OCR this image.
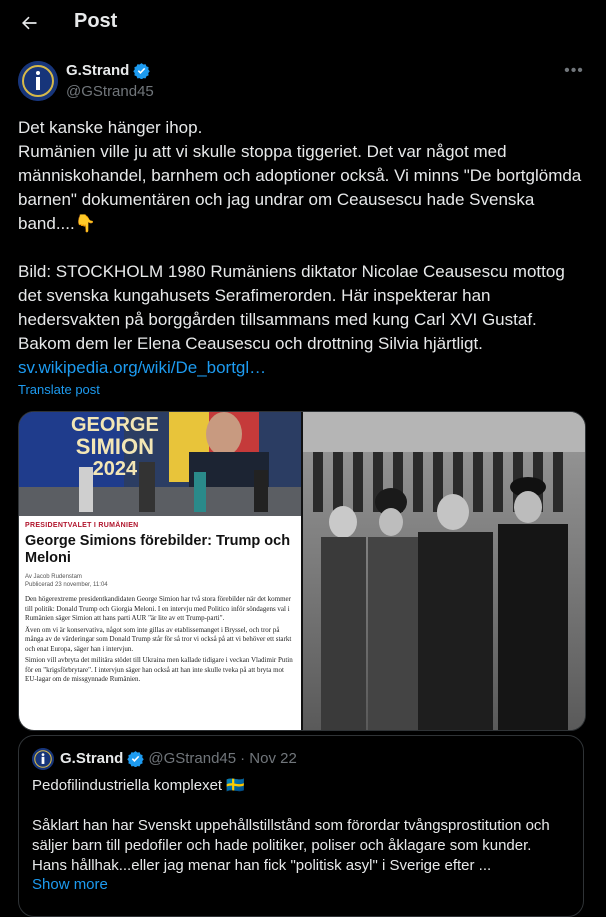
Post
G.Strand
@GStrand45
•••
Det kanske hänger ihop.
Rumänien ville ju att vi skulle stoppa tiggeriet. Det var något med människohandel, barnhem och adoptioner också. Vi minns "De bortglömda barnen" dokumentären och jag undrar om Ceausescu hade Svenska band....👇

Bild: STOCKHOLM 1980 Rumäniens diktator Nicolae Ceausescu mottog det svenska kungahusets Serafimerorden. Här inspekterar han hedersvakten på borggården tillsammans med kung Carl XVI Gustaf. Bakom dem ler Elena Ceausescu och drottning Silvia hjärtligt.
sv.wikipedia.org/wiki/De_bortgl…
Translate post
GEORGE
SIMION
2024
PRESIDENTVALET I RUMÄNIEN
George Simions förebilder: Trump och Meloni
Av Jacob Rudenstam
Publicerad 23 november, 11:04
Den högerextreme presidentkandidaten George Simion har två stora förebilder när det kommer till politik: Donald Trump och Giorgia Meloni. I en intervju med Politico inför söndagens val i Rumänien säger Simion att hans parti AUR "är lite av ett Trump-parti".
Även om vi är konservativa, något som inte gillas av etablissemanget i Bryssel, och tror på många av de värderingar som Donald Trump står för så tror vi också på att vi behöver ett starkt och enat Europa, säger han i intervjun.
Simion vill avbryta det militära stödet till Ukraina men kallade tidigare i veckan Vladimir Putin för en "krigsförbrytare". I intervjun säger han också att han inte skulle tveka på att bryta mot EU-lagar om de missgynnade Rumänien.
G.Strand @GStrand45 · Nov 22
Pedofilindustriella komplexet 🇸🇪

Såklart han har Svenskt uppehållstillstånd som förordar tvångsprostitution och säljer barn till pedofiler och hade politiker, poliser och åklagare som kunder. Hans hållhak...eller jag menar han fick "politisk asyl" i Sverige efter ...
Show more
